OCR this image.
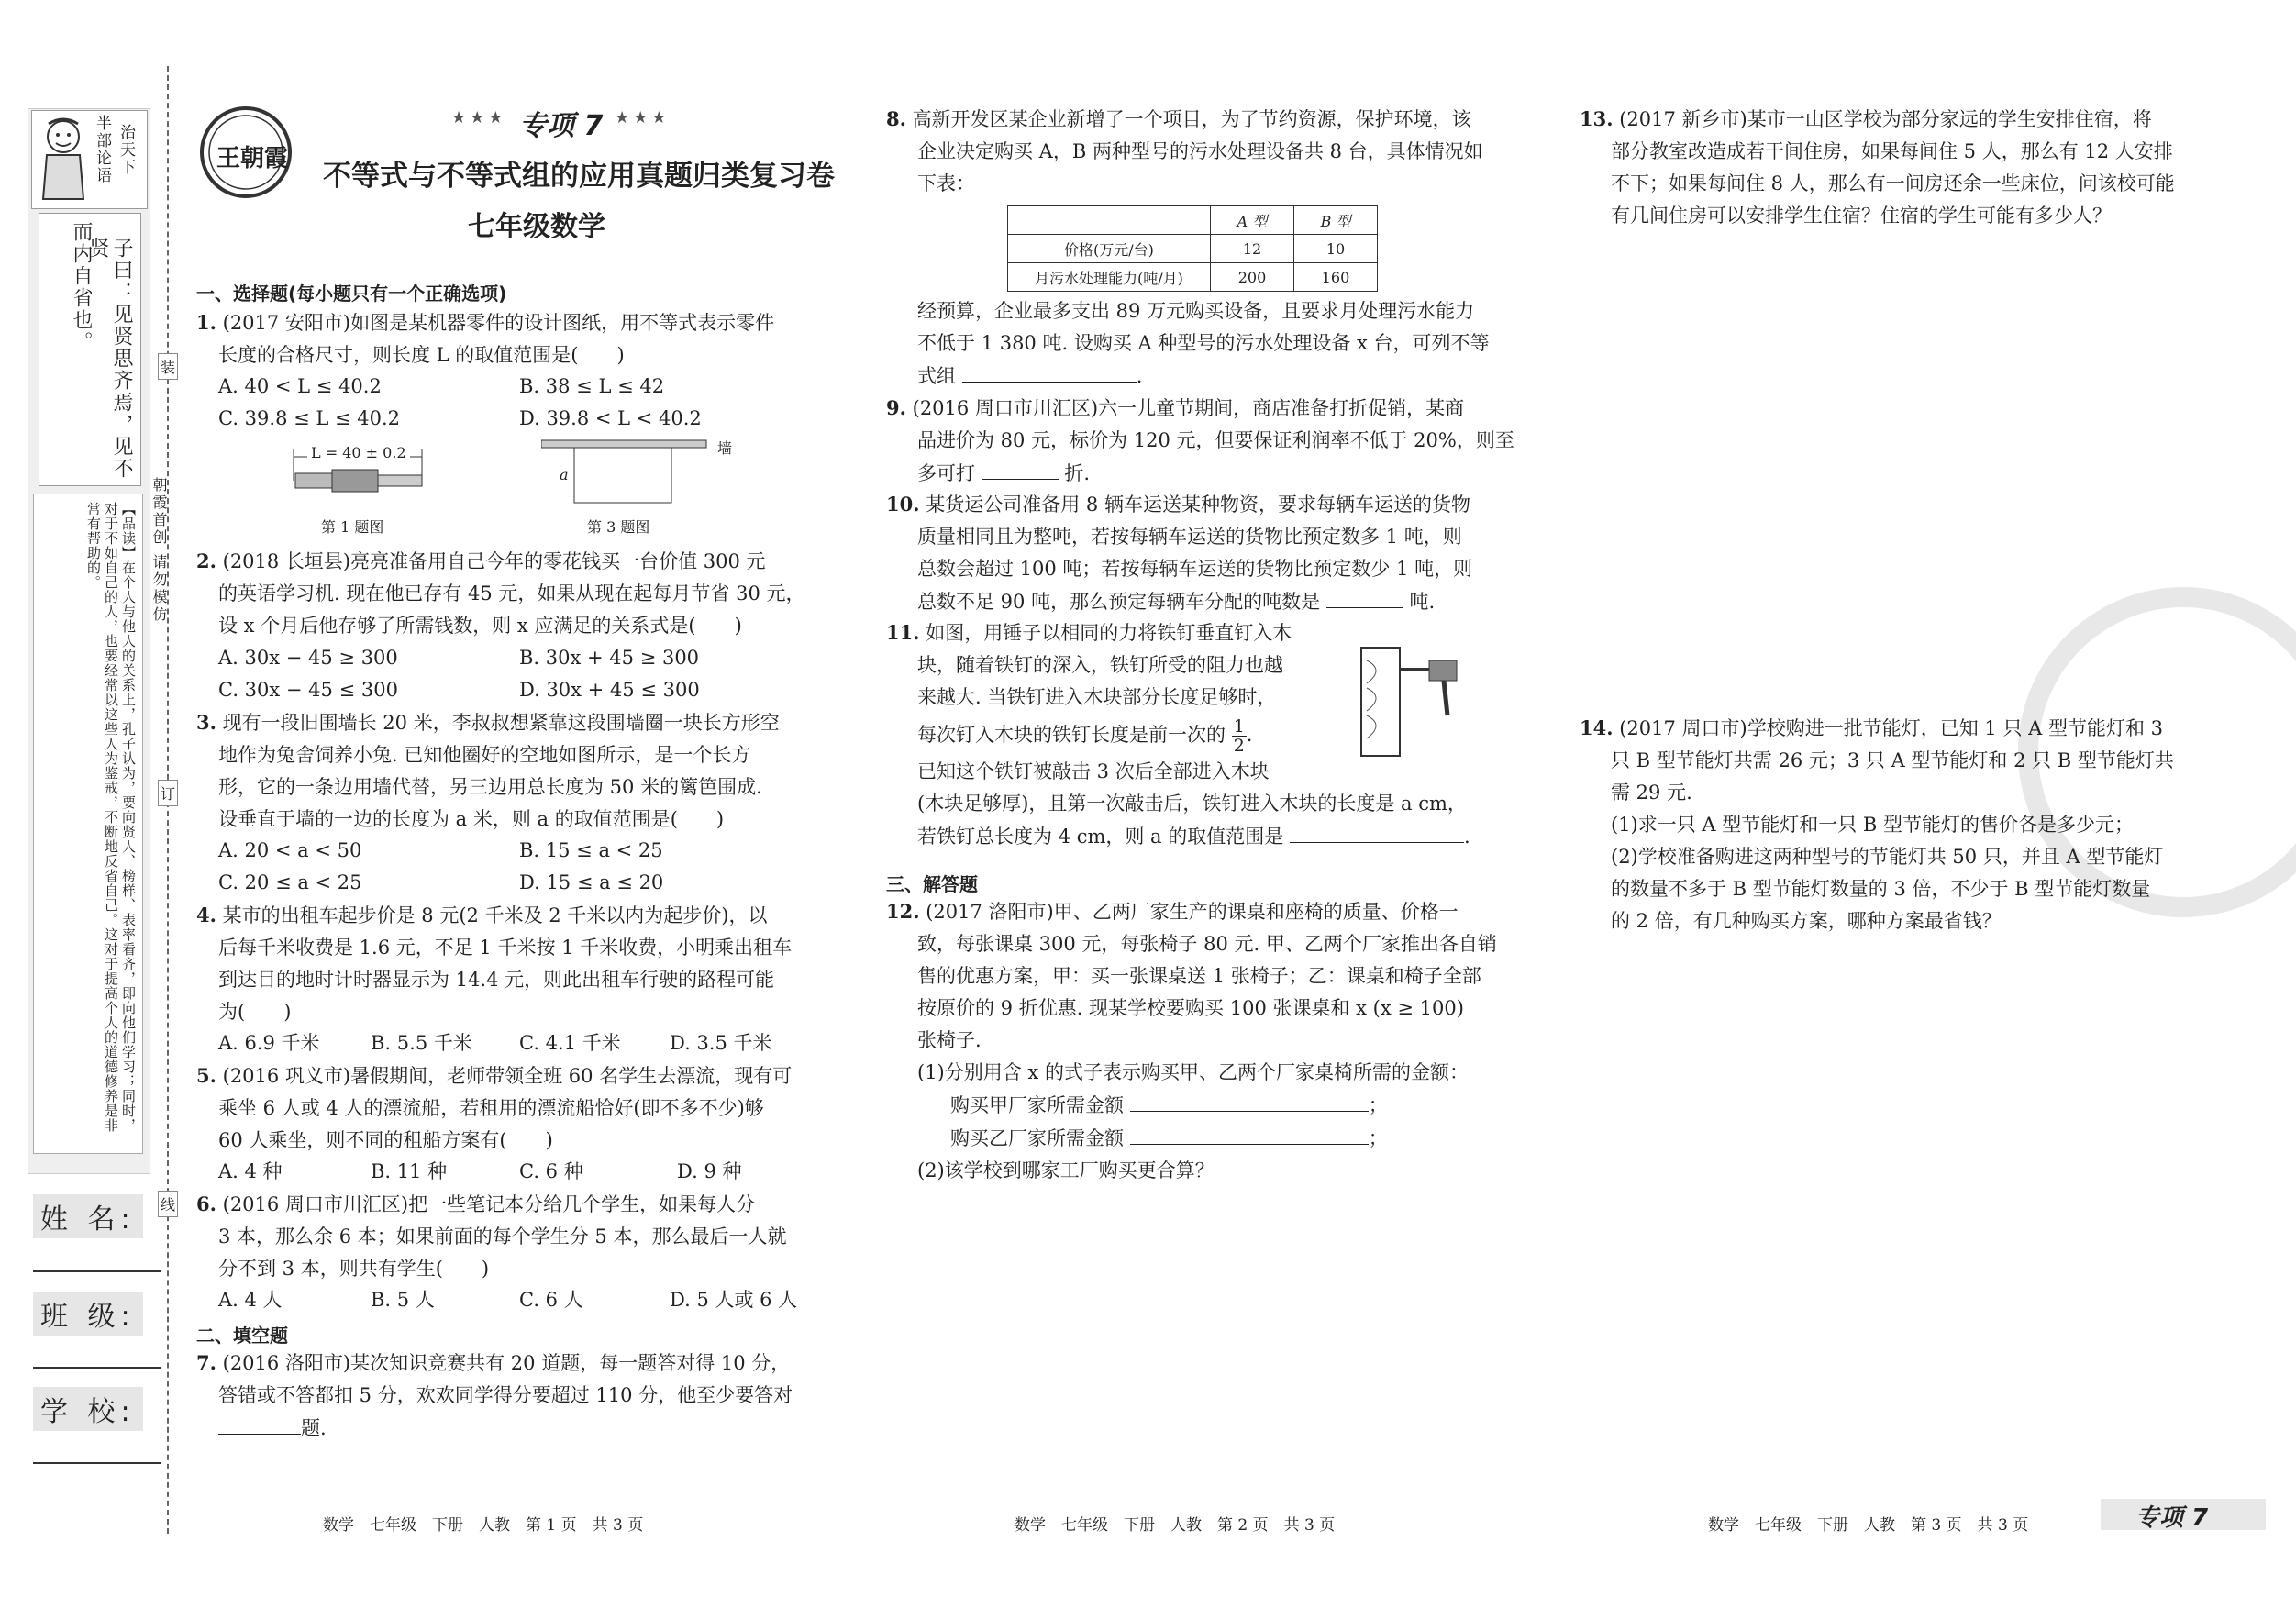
半部论语
治天下
子曰：见贤思齐焉，见不贤
而内自省也。
【品读】在个人与他人的关系上，孔子认为，要向贤人、榜样、表率看齐，即向他们学习；同时，对于不如自己的人，也要经常以这些人为鉴戒，不断地反省自己。这对于提高个人的道德修养是非常有帮助的。	朝霞首创 请勿模仿
装
订
线
姓 名:
班 级:
学 校:
王朝霞
★★★ 专项 7 ★★★
不等式与不等式组的应用真题归类复习卷
七年级数学
一、选择题(每小题只有一个正确选项)
1. (2017 安阳市)如图是某机器零件的设计图纸，用不等式表示零件
长度的合格尺寸，则长度 L 的取值范围是(　　)
A. 40 < L ≤ 40.2	B. 38 ≤ L ≤ 42
C. 39.8 ≤ L ≤ 40.2	D. 39.8 < L < 40.2
L = 40 ± 0.2
第 1 题图
墙
a
第 3 题图
2. (2018 长垣县)亮亮准备用自己今年的零花钱买一台价值 300 元
的英语学习机. 现在他已存有 45 元，如果从现在起每月节省 30 元，
设 x 个月后他存够了所需钱数，则 x 应满足的关系式是(　　)
A. 30x − 45 ≥ 300	B. 30x + 45 ≥ 300
C. 30x − 45 ≤ 300	D. 30x + 45 ≤ 300
3. 现有一段旧围墙长 20 米，李叔叔想紧靠这段围墙圈一块长方形空
地作为兔舍饲养小兔. 已知他圈好的空地如图所示，是一个长方
形，它的一条边用墙代替，另三边用总长度为 50 米的篱笆围成.
设垂直于墙的一边的长度为 a 米，则 a 的取值范围是(　　)
A. 20 < a < 50	B. 15 ≤ a < 25
C. 20 ≤ a < 25	D. 15 ≤ a ≤ 20
4. 某市的出租车起步价是 8 元(2 千米及 2 千米以内为起步价)，以
后每千米收费是 1.6 元，不足 1 千米按 1 千米收费，小明乘出租车
到达目的地时计时器显示为 14.4 元，则此出租车行驶的路程可能
为(　　)
A. 6.9 千米	B. 5.5 千米 C. 4.1 千米	D. 3.5 千米
5. (2016 巩义市)暑假期间，老师带领全班 60 名学生去漂流，现有可
乘坐 6 人或 4 人的漂流船，若租用的漂流船恰好(即不多不少)够
60 人乘坐，则不同的租船方案有(　　)
A. 4 种	B. 11 种	C. 6 种	D. 9 种
6. (2016 周口市川汇区)把一些笔记本分给几个学生，如果每人分
3 本，那么余 6 本；如果前面的每个学生分 5 本，那么最后一人就
分不到 3 本，则共有学生(　　)
A. 4 人	B. 5 人	C. 6 人	D. 5 人或 6 人
二、填空题
7. (2016 洛阳市)某次知识竞赛共有 20 道题，每一题答对得 10 分，
答错或不答都扣 5 分，欢欢同学得分要超过 110 分，他至少要答对
题.
8. 高新开发区某企业新增了一个项目，为了节约资源，保护环境，该
企业决定购买 A，B 两种型号的污水处理设备共 8 台，具体情况如
下表：
	A 型	B 型
价格(万元/台)	12	10
月污水处理能力(吨/月)	200	160
经预算，企业最多支出 89 万元购买设备，且要求月处理污水能力
不低于 1 380 吨. 设购买 A 种型号的污水处理设备 x 台，可列不等
式组	.
9. (2016 周口市川汇区)六一儿童节期间，商店准备打折促销，某商
品进价为 80 元，标价为 120 元，但要保证利润率不低于 20%，则至
多可打	折.
10. 某货运公司准备用 8 辆车运送某种物资，要求每辆车运送的货物
质量相同且为整吨，若按每辆车运送的货物比预定数多 1 吨，则
总数会超过 100 吨；若按每辆车运送的货物比预定数少 1 吨，则
总数不足 90 吨，那么预定每辆车分配的吨数是	吨.
11. 如图，用锤子以相同的力将铁钉垂直钉入木
块，随着铁钉的深入，铁钉所受的阻力也越
来越大. 当铁钉进入木块部分长度足够时，
每次钉入木块的铁钉长度是前一次的 $\frac{1}{2}$ .
已知这个铁钉被敲击 3 次后全部进入木块
(木块足够厚)，且第一次敲击后，铁钉进入木块的长度是 a cm，
若铁钉总长度为 4 cm，则 a 的取值范围是	.
三、解答题
12. (2017 洛阳市)甲、乙两厂家生产的课桌和座椅的质量、价格一
致，每张课桌 300 元，每张椅子 80 元. 甲、乙两个厂家推出各自销
售的优惠方案，甲：买一张课桌送 1 张椅子；乙：课桌和椅子全部
按原价的 9 折优惠. 现某学校要购买 100 张课桌和 x (x ≥ 100)
张椅子.
(1)分别用含 x 的式子表示购买甲、乙两个厂家桌椅所需的金额：
购买甲厂家所需金额	；
购买乙厂家所需金额	；
(2)该学校到哪家工厂购买更合算？
13. (2017 新乡市)某市一山区学校为部分家远的学生安排住宿，将
部分教室改造成若干间住房，如果每间住 5 人，那么有 12 人安排
不下；如果每间住 8 人，那么有一间房还余一些床位，问该校可能
有几间住房可以安排学生住宿？住宿的学生可能有多少人？
14. (2017 周口市)学校购进一批节能灯，已知 1 只 A 型节能灯和 3
只 B 型节能灯共需 26 元；3 只 A 型节能灯和 2 只 B 型节能灯共
需 29 元.
(1)求一只 A 型节能灯和一只 B 型节能灯的售价各是多少元；
(2)学校准备购进这两种型号的节能灯共 50 只，并且 A 型节能灯
的数量不多于 B 型节能灯数量的 3 倍，不少于 B 型节能灯数量
的 2 倍，有几种购买方案，哪种方案最省钱？
数学　七年级　下册　人教　第 1 页　共 3 页	数学　七年级　下册　人教　第 2 页　共 3 页	数学　七年级　下册　人教　第 3 页　共 3 页	专项 7
